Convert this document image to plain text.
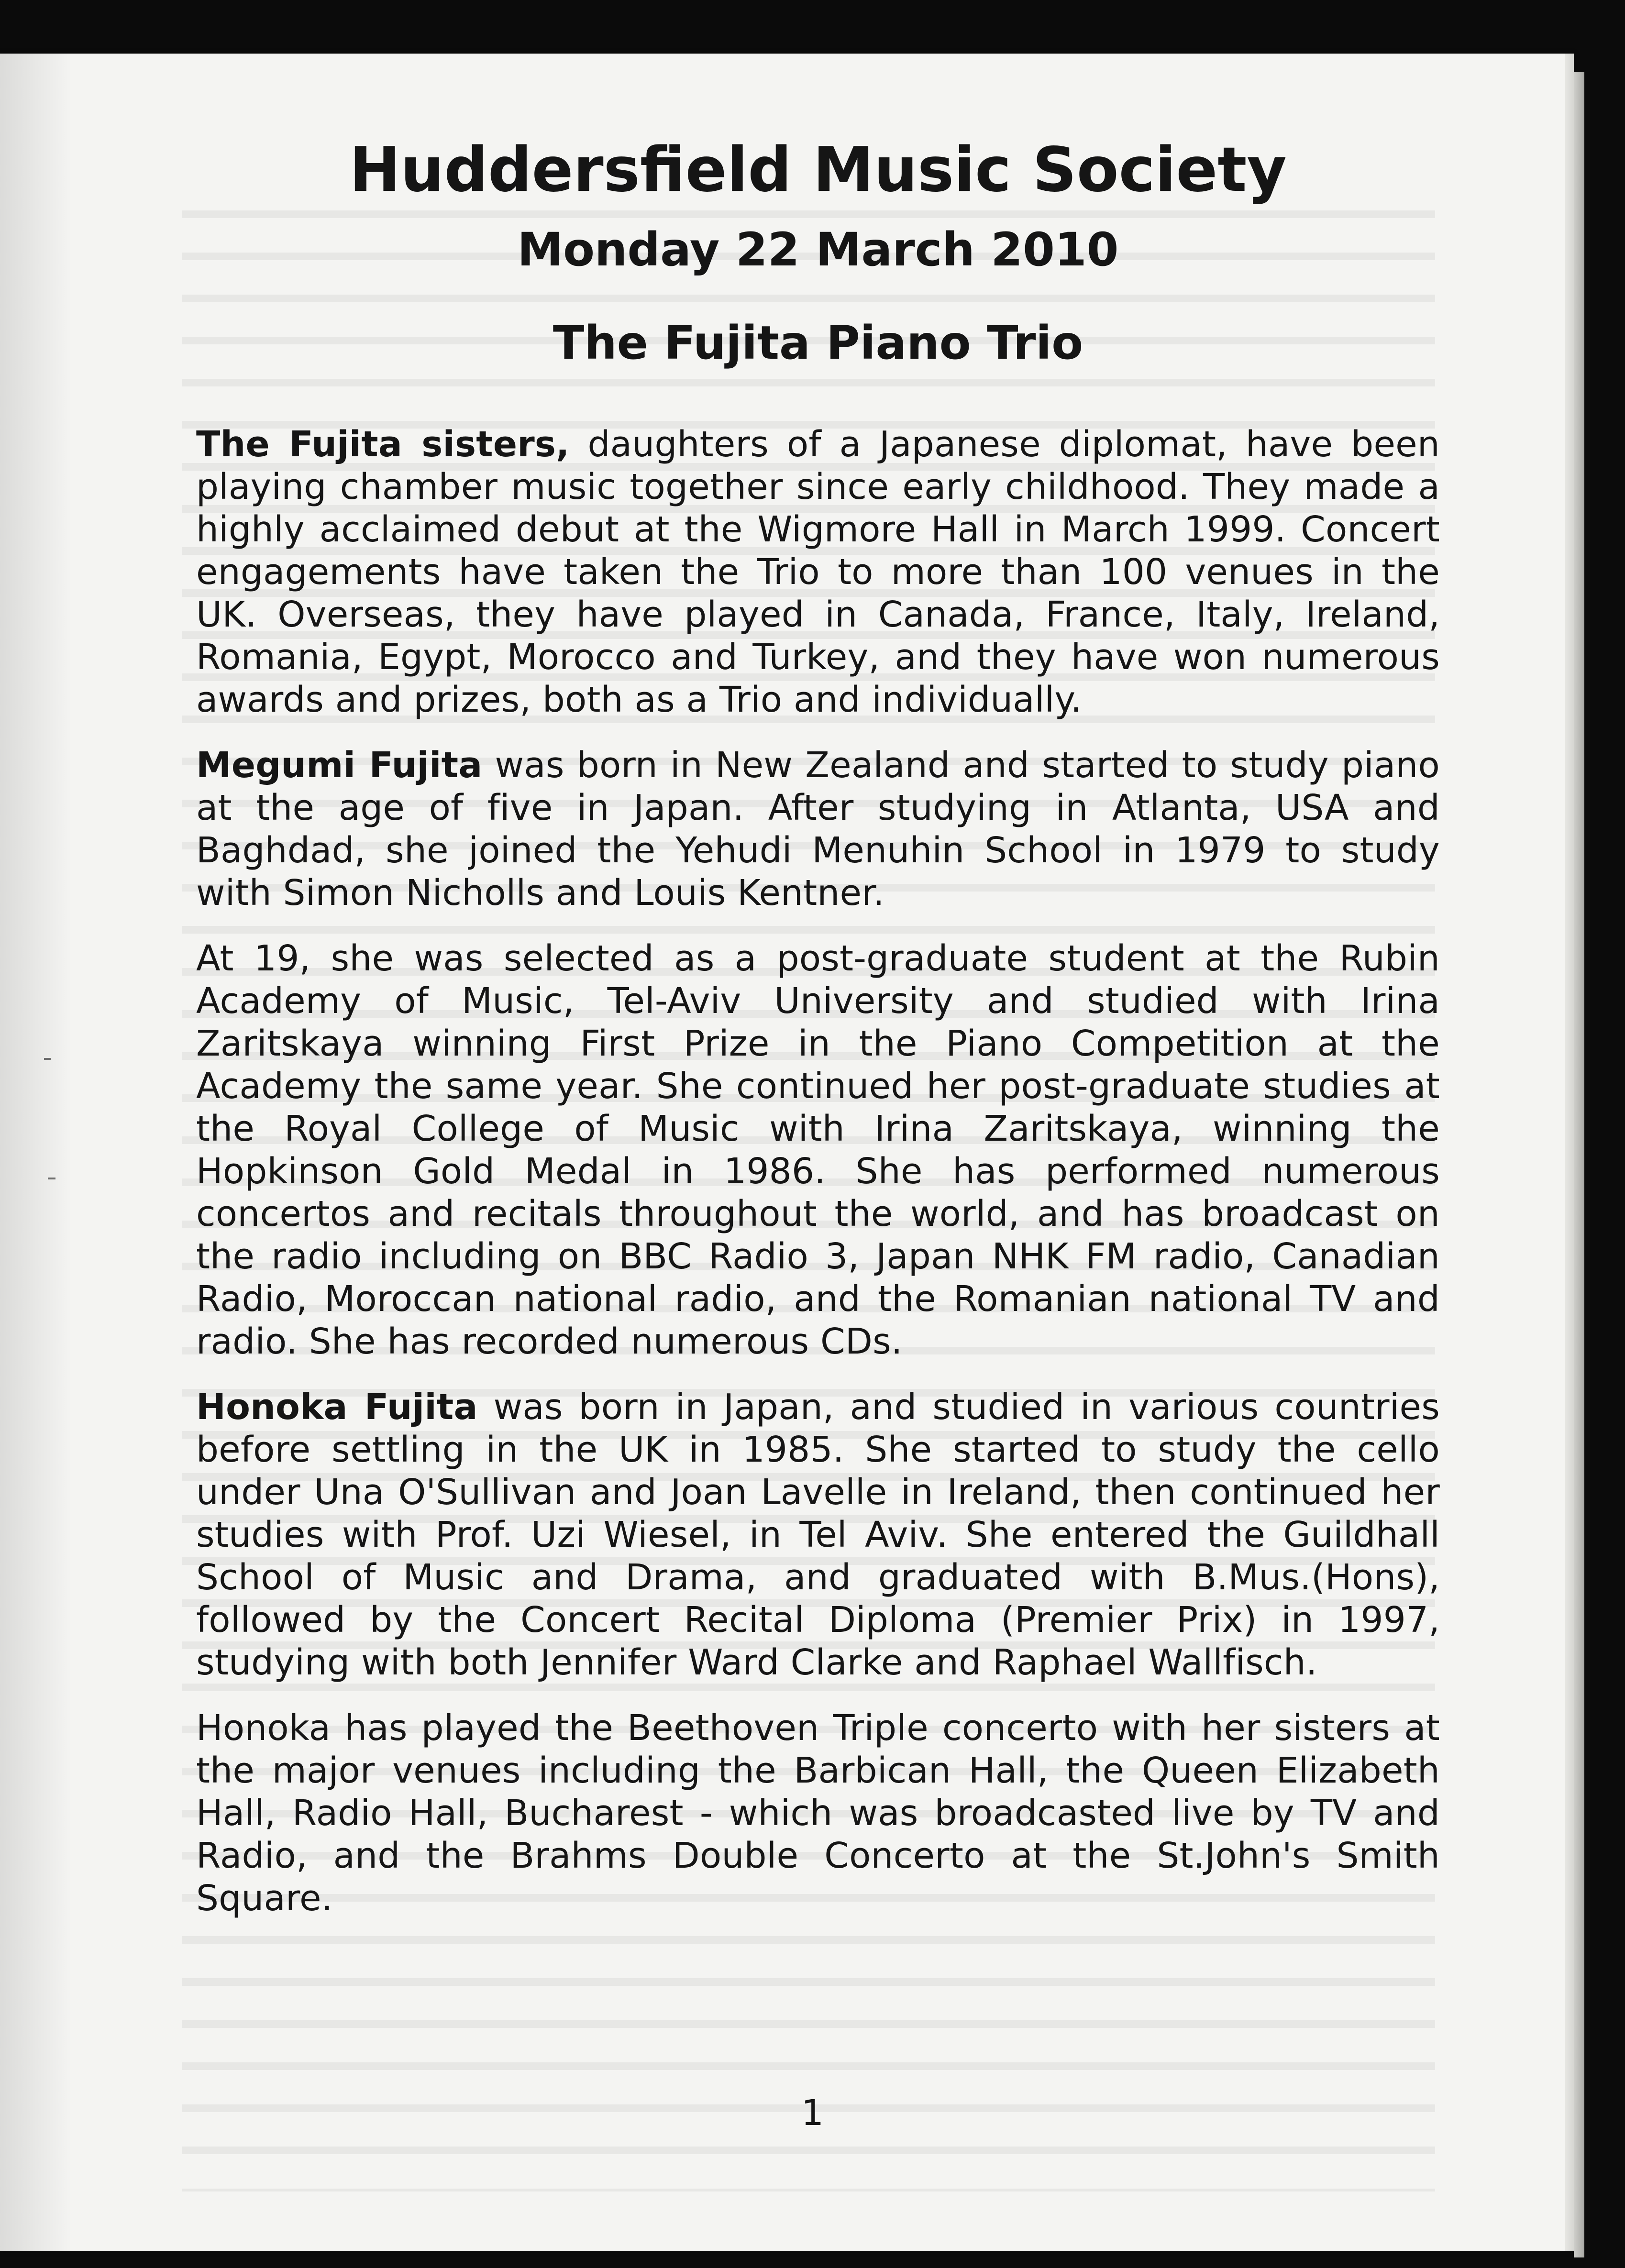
Huddersfield Music Society
Monday 22 March 2010
The Fujita Piano Trio

The Fujita sisters, daughters of a Japanese diplomat, have been playing chamber music together since early childhood. They made a highly acclaimed debut at the Wigmore Hall in March 1999. Concert engagements have taken the Trio to more than 100 venues in the UK. Overseas, they have played in Canada, France, Italy, Ireland, Romania, Egypt, Morocco and Turkey, and they have won numerous awards and prizes, both as a Trio and individually.

Megumi Fujita was born in New Zealand and started to study piano at the age of five in Japan. After studying in Atlanta, USA and Baghdad, she joined the Yehudi Menuhin School in 1979 to study with Simon Nicholls and Louis Kentner.

At 19, she was selected as a post-graduate student at the Rubin Academy of Music, Tel-Aviv University and studied with Irina Zaritskaya winning First Prize in the Piano Competition at the Academy the same year. She continued her post-graduate studies at the Royal College of Music with Irina Zaritskaya, winning the Hopkinson Gold Medal in 1986. She has performed numerous concertos and recitals throughout the world, and has broadcast on the radio including on BBC Radio 3, Japan NHK FM radio, Canadian Radio, Moroccan national radio, and the Romanian national TV and radio. She has recorded numerous CDs.

Honoka Fujita was born in Japan, and studied in various countries before settling in the UK in 1985. She started to study the cello under Una O'Sullivan and Joan Lavelle in Ireland, then continued her studies with Prof. Uzi Wiesel, in Tel Aviv. She entered the Guildhall School of Music and Drama, and graduated with B.Mus.(Hons), followed by the Concert Recital Diploma (Premier Prix) in 1997, studying with both Jennifer Ward Clarke and Raphael Wallfisch.

Honoka has played the Beethoven Triple concerto with her sisters at the major venues including the Barbican Hall, the Queen Elizabeth Hall, Radio Hall, Bucharest - which was broadcasted live by TV and Radio, and the Brahms Double Concerto at the St.John's Smith Square.

1
